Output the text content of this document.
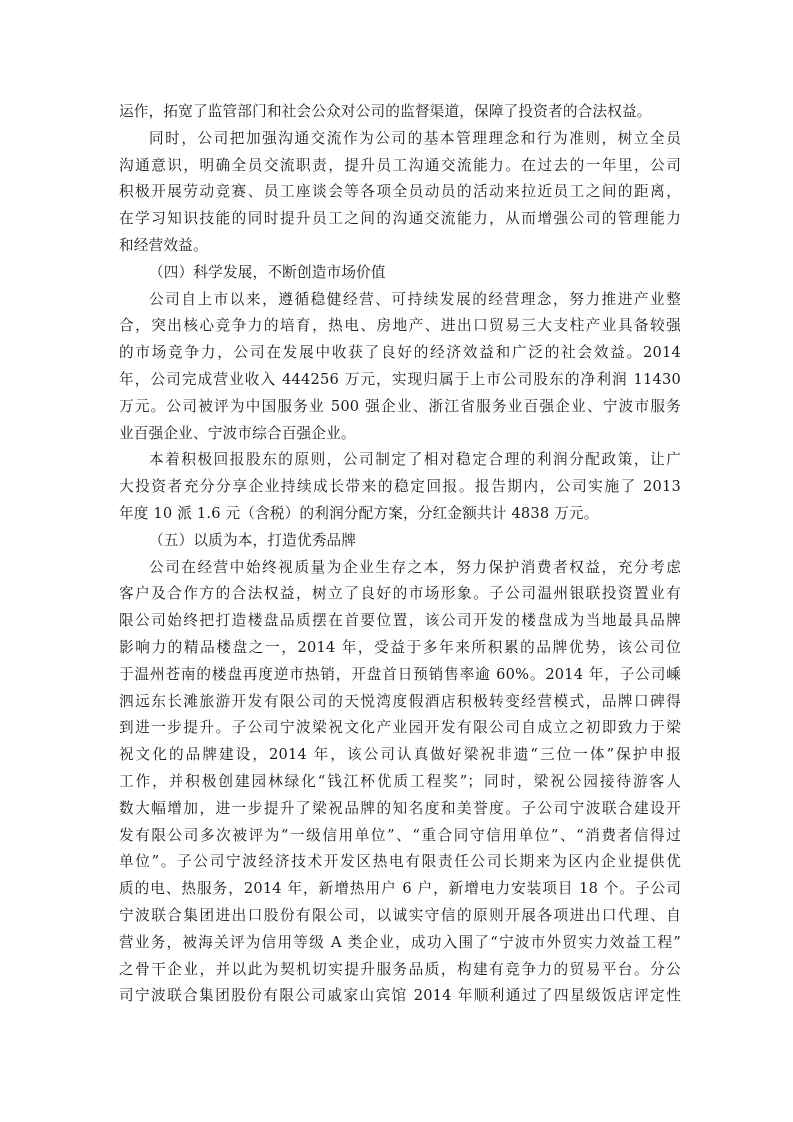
运作，拓宽了监管部门和社会公众对公司的监督渠道，保障了投资者的合法权益。
同时，公司把加强沟通交流作为公司的基本管理理念和行为准则，树立全员
沟通意识，明确全员交流职责，提升员工沟通交流能力。在过去的一年里，公司
积极开展劳动竞赛、员工座谈会等各项全员动员的活动来拉近员工之间的距离，
在学习知识技能的同时提升员工之间的沟通交流能力，从而增强公司的管理能力
和经营效益。
（四）科学发展，不断创造市场价值
公司自上市以来，遵循稳健经营、可持续发展的经营理念，努力推进产业整
合，突出核心竞争力的培育，热电、房地产、进出口贸易三大支柱产业具备较强
的市场竞争力，公司在发展中收获了良好的经济效益和广泛的社会效益。2014
年，公司完成营业收入 444256 万元，实现归属于上市公司股东的净利润 11430
万元。公司被评为中国服务业 500 强企业、浙江省服务业百强企业、宁波市服务
业百强企业、宁波市综合百强企业。
本着积极回报股东的原则，公司制定了相对稳定合理的利润分配政策，让广
大投资者充分分享企业持续成长带来的稳定回报。报告期内，公司实施了 2013
年度 10 派 1.6 元（含税）的利润分配方案，分红金额共计 4838 万元。
（五）以质为本，打造优秀品牌
公司在经营中始终视质量为企业生存之本，努力保护消费者权益，充分考虑
客户及合作方的合法权益，树立了良好的市场形象。子公司温州银联投资置业有
限公司始终把打造楼盘品质摆在首要位置，该公司开发的楼盘成为当地最具品牌
影响力的精品楼盘之一，2014 年，受益于多年来所积累的品牌优势，该公司位
于温州苍南的楼盘再度逆市热销，开盘首日预销售率逾 60%。2014 年，子公司嵊
泗远东长滩旅游开发有限公司的天悦湾度假酒店积极转变经营模式，品牌口碑得
到进一步提升。子公司宁波梁祝文化产业园开发有限公司自成立之初即致力于梁
祝文化的品牌建设，2014 年，该公司认真做好梁祝非遗“三位一体”保护申报
工作，并积极创建园林绿化“钱江杯优质工程奖”；同时，梁祝公园接待游客人
数大幅增加，进一步提升了梁祝品牌的知名度和美誉度。子公司宁波联合建设开
发有限公司多次被评为“一级信用单位”、“重合同守信用单位”、“消费者信得过
单位”。子公司宁波经济技术开发区热电有限责任公司长期来为区内企业提供优
质的电、热服务，2014 年，新增热用户 6 户，新增电力安装项目 18 个。子公司
宁波联合集团进出口股份有限公司，以诚实守信的原则开展各项进出口代理、自
营业务，被海关评为信用等级 A 类企业，成功入围了“宁波市外贸实力效益工程”
之骨干企业，并以此为契机切实提升服务品质，构建有竞争力的贸易平台。分公
司宁波联合集团股份有限公司戚家山宾馆 2014 年顺利通过了四星级饭店评定性
